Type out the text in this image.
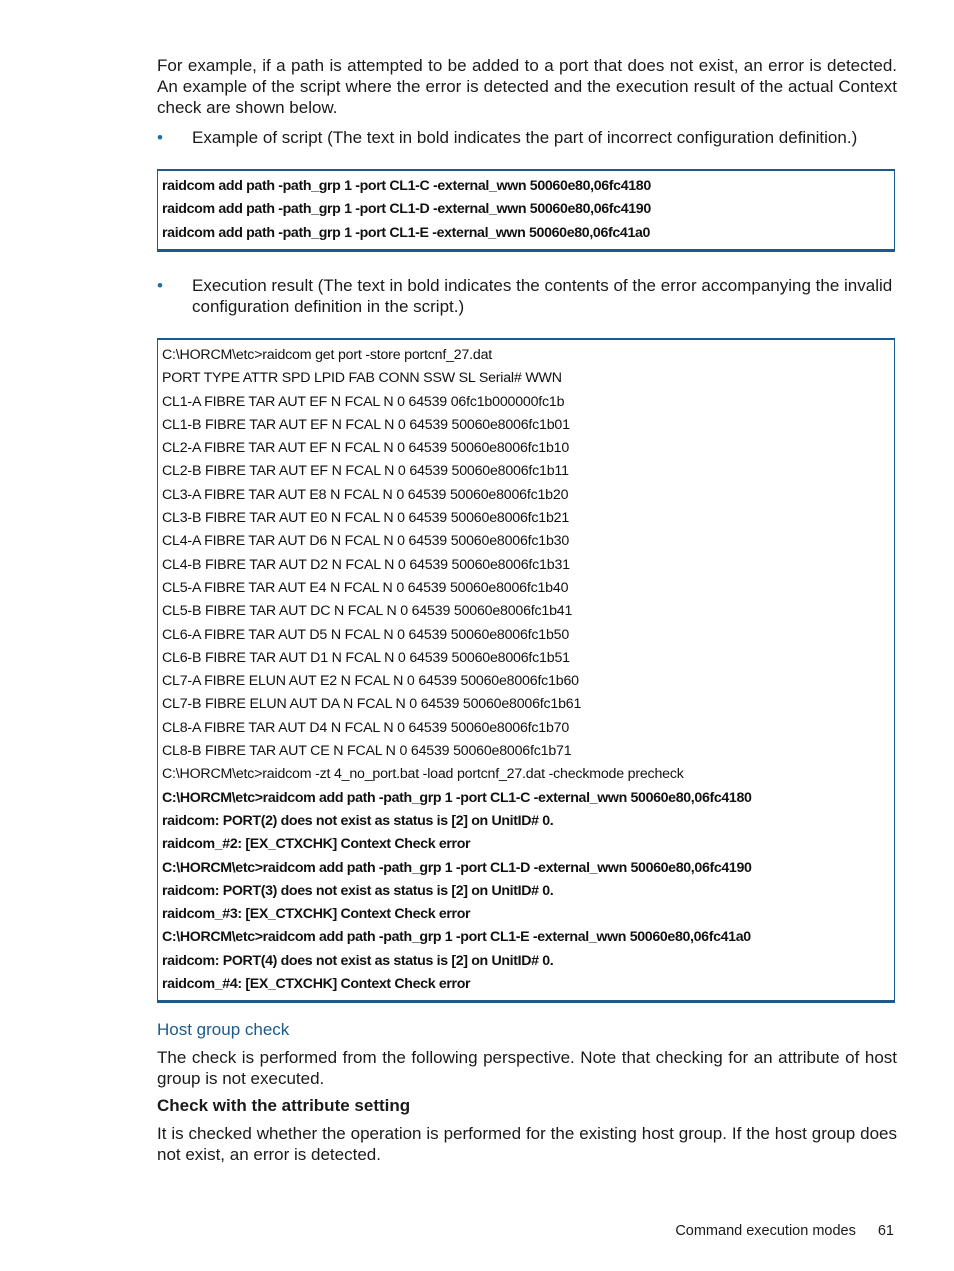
For example, if a path is attempted to be added to a port that does not exist, an error is detected. An example of the script where the error is detected and the execution result of the actual Context check are shown below.

• Example of script (The text in bold indicates the part of incorrect configuration definition.)
raidcom add path -path_grp 1 -port CL1-C -external_wwn 50060e80,06fc4180
raidcom add path -path_grp 1 -port CL1-D -external_wwn 50060e80,06fc4190
raidcom add path -path_grp 1 -port CL1-E -external_wwn 50060e80,06fc41a0
• Execution result (The text in bold indicates the contents of the error accompanying the invalid configuration definition in the script.)
C:\HORCM\etc>raidcom get port -store portcnf_27.dat
PORT TYPE ATTR SPD LPID FAB CONN SSW SL Serial# WWN
CL1-A FIBRE TAR AUT EF N FCAL N 0 64539 06fc1b000000fc1b
CL1-B FIBRE TAR AUT EF N FCAL N 0 64539 50060e8006fc1b01
CL2-A FIBRE TAR AUT EF N FCAL N 0 64539 50060e8006fc1b10
CL2-B FIBRE TAR AUT EF N FCAL N 0 64539 50060e8006fc1b11
CL3-A FIBRE TAR AUT E8 N FCAL N 0 64539 50060e8006fc1b20
CL3-B FIBRE TAR AUT E0 N FCAL N 0 64539 50060e8006fc1b21
CL4-A FIBRE TAR AUT D6 N FCAL N 0 64539 50060e8006fc1b30
CL4-B FIBRE TAR AUT D2 N FCAL N 0 64539 50060e8006fc1b31
CL5-A FIBRE TAR AUT E4 N FCAL N 0 64539 50060e8006fc1b40
CL5-B FIBRE TAR AUT DC N FCAL N 0 64539 50060e8006fc1b41
CL6-A FIBRE TAR AUT D5 N FCAL N 0 64539 50060e8006fc1b50
CL6-B FIBRE TAR AUT D1 N FCAL N 0 64539 50060e8006fc1b51
CL7-A FIBRE ELUN AUT E2 N FCAL N 0 64539 50060e8006fc1b60
CL7-B FIBRE ELUN AUT DA N FCAL N 0 64539 50060e8006fc1b61
CL8-A FIBRE TAR AUT D4 N FCAL N 0 64539 50060e8006fc1b70
CL8-B FIBRE TAR AUT CE N FCAL N 0 64539 50060e8006fc1b71
C:\HORCM\etc>raidcom -zt 4_no_port.bat -load portcnf_27.dat -checkmode precheck
C:\HORCM\etc>raidcom add path -path_grp 1 -port CL1-C -external_wwn 50060e80,06fc4180
raidcom: PORT(2) does not exist as status is [2] on UnitID# 0.
raidcom_#2: [EX_CTXCHK] Context Check error
C:\HORCM\etc>raidcom add path -path_grp 1 -port CL1-D -external_wwn 50060e80,06fc4190
raidcom: PORT(3) does not exist as status is [2] on UnitID# 0.
raidcom_#3: [EX_CTXCHK] Context Check error
C:\HORCM\etc>raidcom add path -path_grp 1 -port CL1-E -external_wwn 50060e80,06fc41a0
raidcom: PORT(4) does not exist as status is [2] on UnitID# 0.
raidcom_#4: [EX_CTXCHK] Context Check error

Host group check

The check is performed from the following perspective. Note that checking for an attribute of host group is not executed.

Check with the attribute setting

It is checked whether the operation is performed for the existing host group. If the host group does not exist, an error is detected.

Command execution modes 61
